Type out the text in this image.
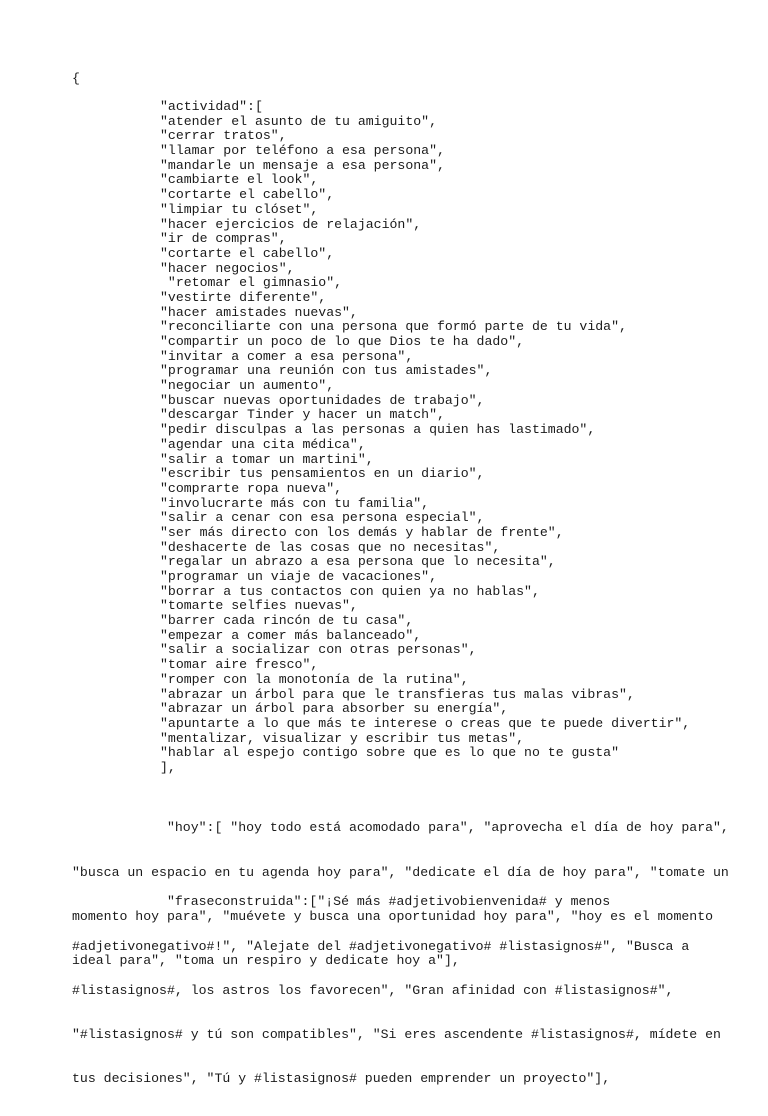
{
"actividad":[
"atender el asunto de tu amiguito",
"cerrar tratos",
"llamar por teléfono a esa persona",
"mandarle un mensaje a esa persona",
"cambiarte el look",
"cortarte el cabello",
"limpiar tu clóset",
"hacer ejercicios de relajación",
"ir de compras",
"cortarte el cabello",
"hacer negocios",
"retomar el gimnasio",
"vestirte diferente",
"hacer amistades nuevas",
"reconciliarte con una persona que formó parte de tu vida",
"compartir un poco de lo que Dios te ha dado",
"invitar a comer a esa persona",
"programar una reunión con tus amistades",
"negociar un aumento",
"buscar nuevas oportunidades de trabajo",
"descargar Tinder y hacer un match",
"pedir disculpas a las personas a quien has lastimado",
"agendar una cita médica",
"salir a tomar un martini",
"escribir tus pensamientos en un diario",
"comprarte ropa nueva",
"involucrarte más con tu familia",
"salir a cenar con esa persona especial",
"ser más directo con los demás y hablar de frente",
"deshacerte de las cosas que no necesitas",
"regalar un abrazo a esa persona que lo necesita",
"programar un viaje de vacaciones",
"borrar a tus contactos con quien ya no hablas",
"tomarte selfies nuevas",
"barrer cada rincón de tu casa",
"empezar a comer más balanceado",
"salir a socializar con otras personas",
"tomar aire fresco",
"romper con la monotonía de la rutina",
"abrazar un árbol para que le transfieras tus malas vibras",
"abrazar un árbol para absorber su energía",
"apuntarte a lo que más te interese o creas que te puede divertir",
"mentalizar, visualizar y escribir tus metas",
"hablar al espejo contigo sobre que es lo que no te gusta"
],

"hoy":[ "hoy todo está acomodado para", "aprovecha el día de hoy para",

"busca un espacio en tu agenda hoy para", "dedicate el día de hoy para", "tomate un

momento hoy para", "muévete y busca una oportunidad hoy para", "hoy es el momento

ideal para", "toma un respiro y dedicate hoy a"],

"fraseconstruida":["¡Sé más #adjetivobienvenida# y menos

#adjetivonegativo#!", "Alejate del #adjetivonegativo# #listasignos#", "Busca a

#listasignos#, los astros los favorecen", "Gran afinidad con #listasignos#",

"#listasignos# y tú son compatibles", "Si eres ascendente #listasignos#, mídete en

tus decisiones", "Tú y #listasignos# pueden emprender un proyecto"],
